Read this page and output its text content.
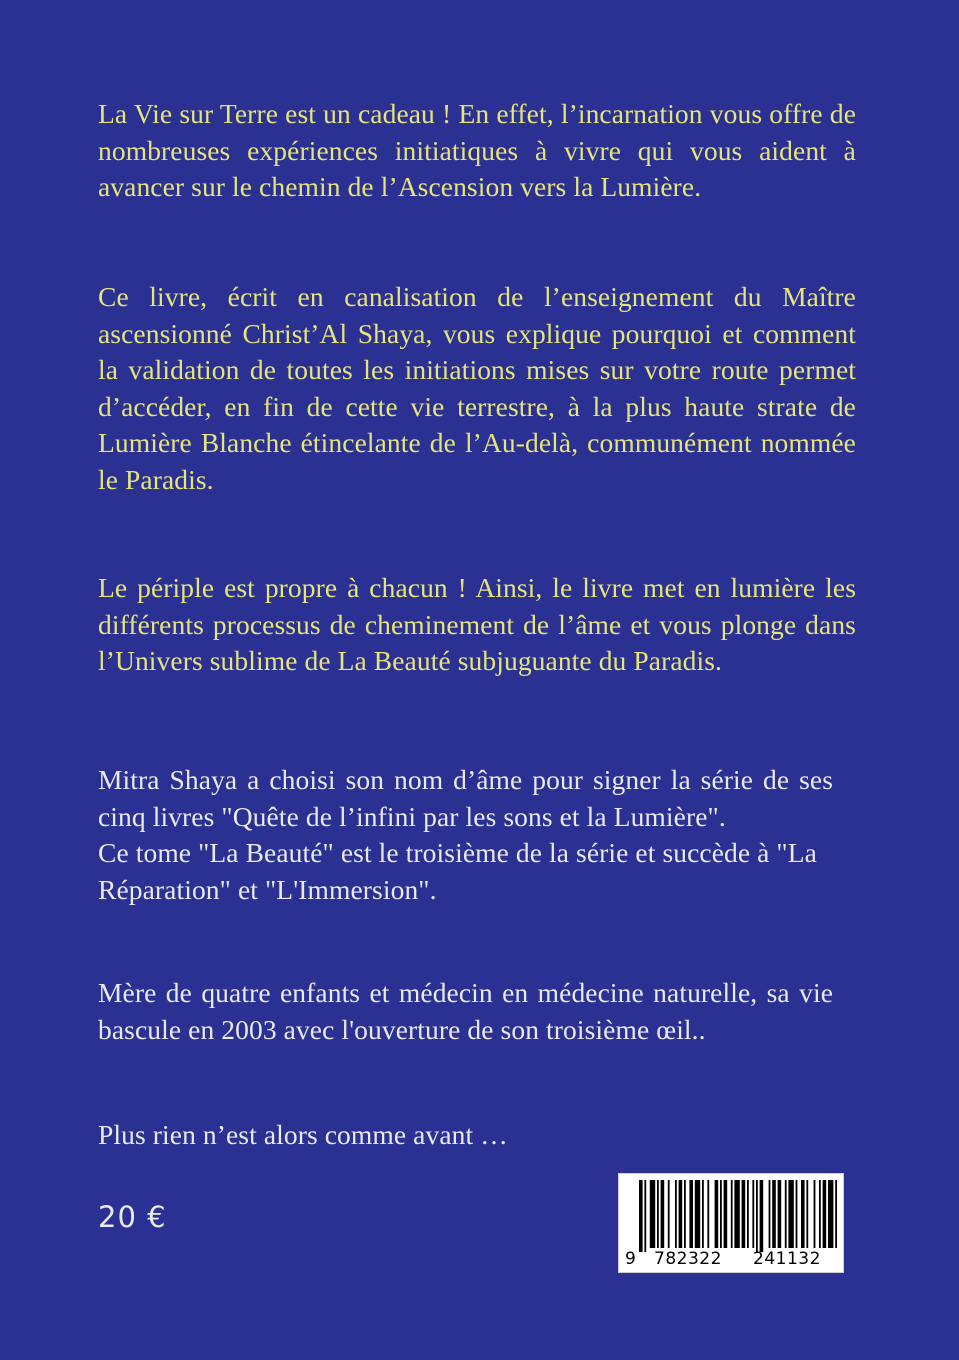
La Vie sur Terre est un cadeau ! En effet, l’incarnation vous offre de nombreuses expériences initiatiques à vivre qui vous aident à avancer sur le chemin de l’Ascension vers la Lumière.
Ce livre, écrit en canalisation de l’enseignement du Maître ascensionné Christ’Al Shaya, vous explique pourquoi et comment la validation de toutes les initiations mises sur votre route permet d’accéder, en fin de cette vie terrestre, à la plus haute strate de Lumière Blanche étincelante de l’Au-delà, communément nommée le Paradis.
Le périple est propre à chacun ! Ainsi, le livre met en lumière les différents processus de cheminement de l’âme et vous plonge dans l’Univers sublime de La Beauté subjuguante du Paradis.
Mitra Shaya a choisi son nom d’âme pour signer la série de ses cinq livres "Quête de l’infini par les sons et la Lumière".
Ce tome "La Beauté" est le troisième de la série et succède à "La Réparation" et "L'Immersion".
Mère de quatre enfants et médecin en médecine naturelle, sa vie bascule en 2003 avec l'ouverture de son troisième œil..
Plus rien n’est alors comme avant …
20 €
9 782322 241132
